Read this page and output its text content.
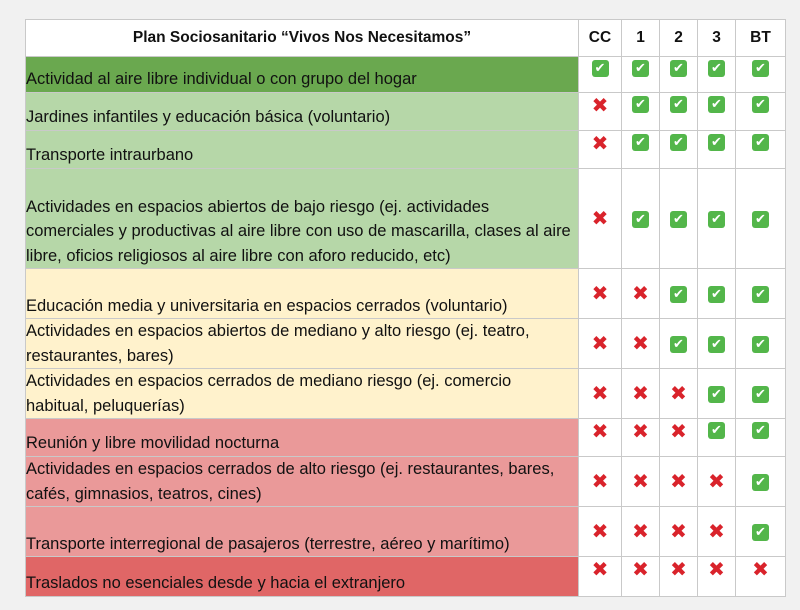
Plan Sociosanitario “Vivos Nos Necesitamos”	CC	1	2	3	BT
Actividad al aire libre individual o con grupo del hogar	✔	✔	✔	✔	✔
Jardines infantiles y educación básica (voluntario)	✖	✔	✔	✔	✔
Transporte intraurbano	✖	✔	✔	✔	✔
Actividades en espacios abiertos de bajo riesgo (ej. actividades comerciales y productivas al aire libre con uso de mascarilla, clases al aire libre, oficios religiosos al aire libre con aforo reducido, etc)	✖	✔	✔	✔	✔
Educación media y universitaria en espacios cerrados (voluntario)	✖	✖	✔	✔	✔
Actividades en espacios abiertos de mediano y alto riesgo (ej. teatro, restaurantes, bares)	✖	✖	✔	✔	✔
Actividades en espacios cerrados de mediano riesgo (ej. comercio habitual, peluquerías)	✖	✖	✖	✔	✔
Reunión y libre movilidad nocturna	✖	✖	✖	✔	✔
Actividades en espacios cerrados de alto riesgo (ej. restaurantes, bares, cafés, gimnasios, teatros, cines)	✖	✖	✖	✖	✔
Transporte interregional de pasajeros (terrestre, aéreo y marítimo)	✖	✖	✖	✖	✔
Traslados no esenciales desde y hacia el extranjero	✖	✖	✖	✖	✖
